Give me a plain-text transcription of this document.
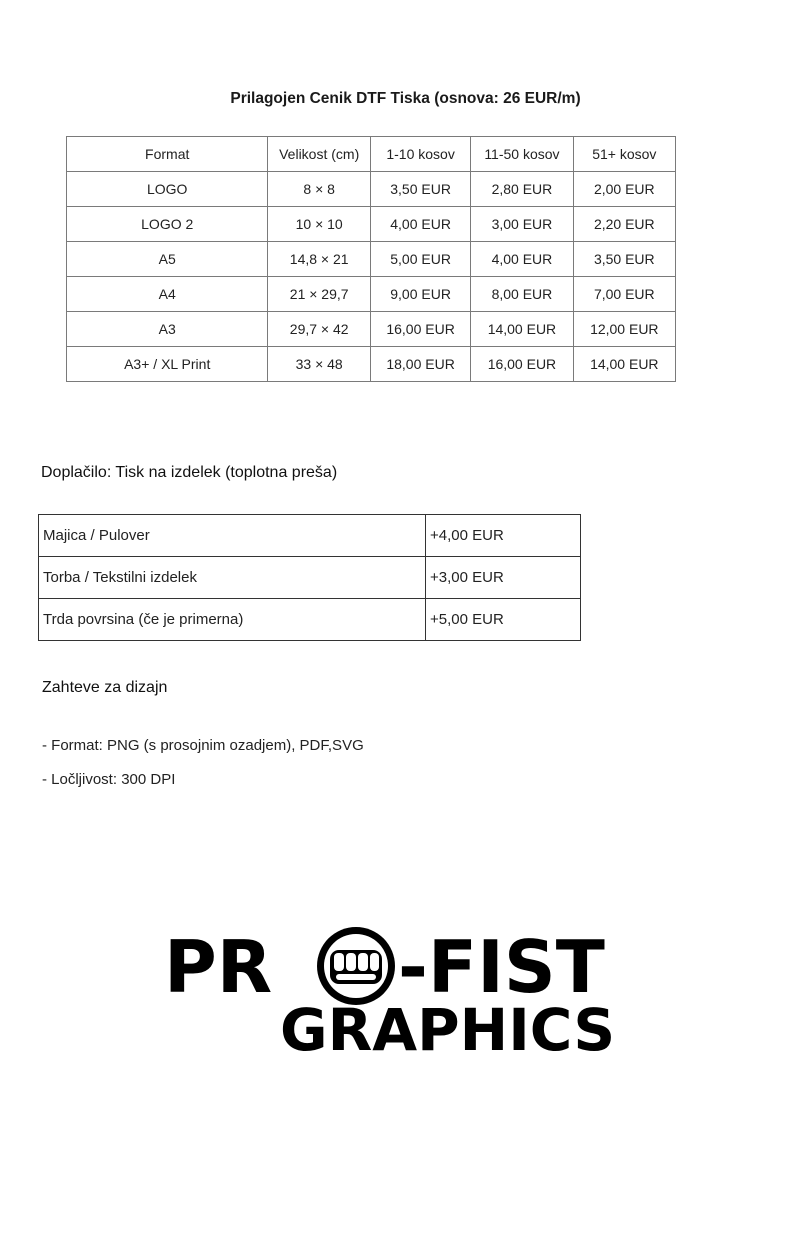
Prilagojen Cenik DTF Tiska (osnova: 26 EUR/m)
Format	Velikost (cm)	1-10 kosov	11-50 kosov	51+ kosov
LOGO	8 × 8	3,50 EUR	2,80 EUR	2,00 EUR
LOGO 2	10 × 10	4,00 EUR	3,00 EUR	2,20 EUR
A5	14,8 × 21	5,00 EUR	4,00 EUR	3,50 EUR
A4	21 × 29,7	9,00 EUR	8,00 EUR	7,00 EUR
A3	29,7 × 42	16,00 EUR	14,00 EUR	12,00 EUR
A3+ / XL Print	33 × 48	18,00 EUR	16,00 EUR	14,00 EUR
Doplačilo: Tisk na izdelek (toplotna preša)
Majica / Pulover	+4,00 EUR
Torba / Tekstilni izdelek	+3,00 EUR
Trda povrsina (če je primerna)	+5,00 EUR
Zahteve za dizajn
- Format: PNG (s prosojnim ozadjem), PDF,SVG
- Ločljivost: 300 DPI
PR -FIST
GRAPHICS
